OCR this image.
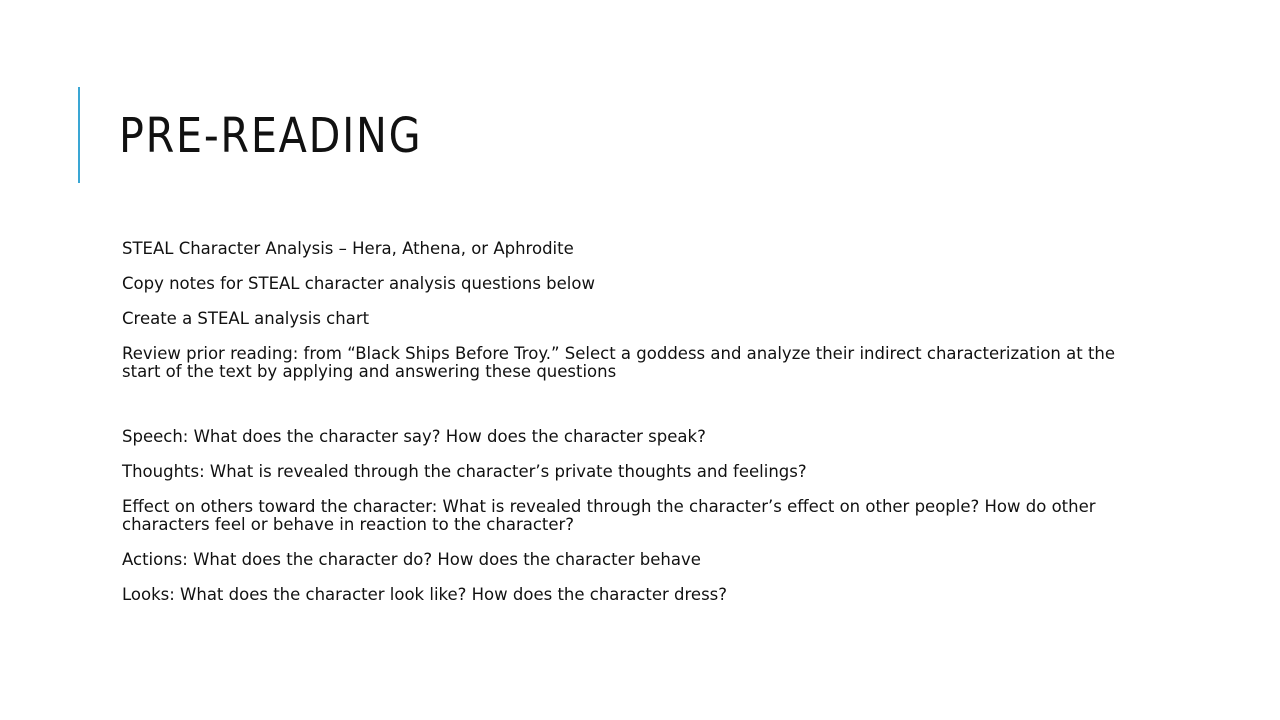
PRE-READING

STEAL Character Analysis – Hera, Athena, or Aphrodite

Copy notes for STEAL character analysis questions below

Create a STEAL analysis chart

Review prior reading: from “Black Ships Before Troy.” Select a goddess and analyze their indirect characterization at the start of the text by applying and answering these questions

Speech: What does the character say? How does the character speak?

Thoughts: What is revealed through the character’s private thoughts and feelings?

Effect on others toward the character: What is revealed through the character’s effect on other people? How do other characters feel or behave in reaction to the character?

Actions: What does the character do? How does the character behave

Looks: What does the character look like? How does the character dress?
